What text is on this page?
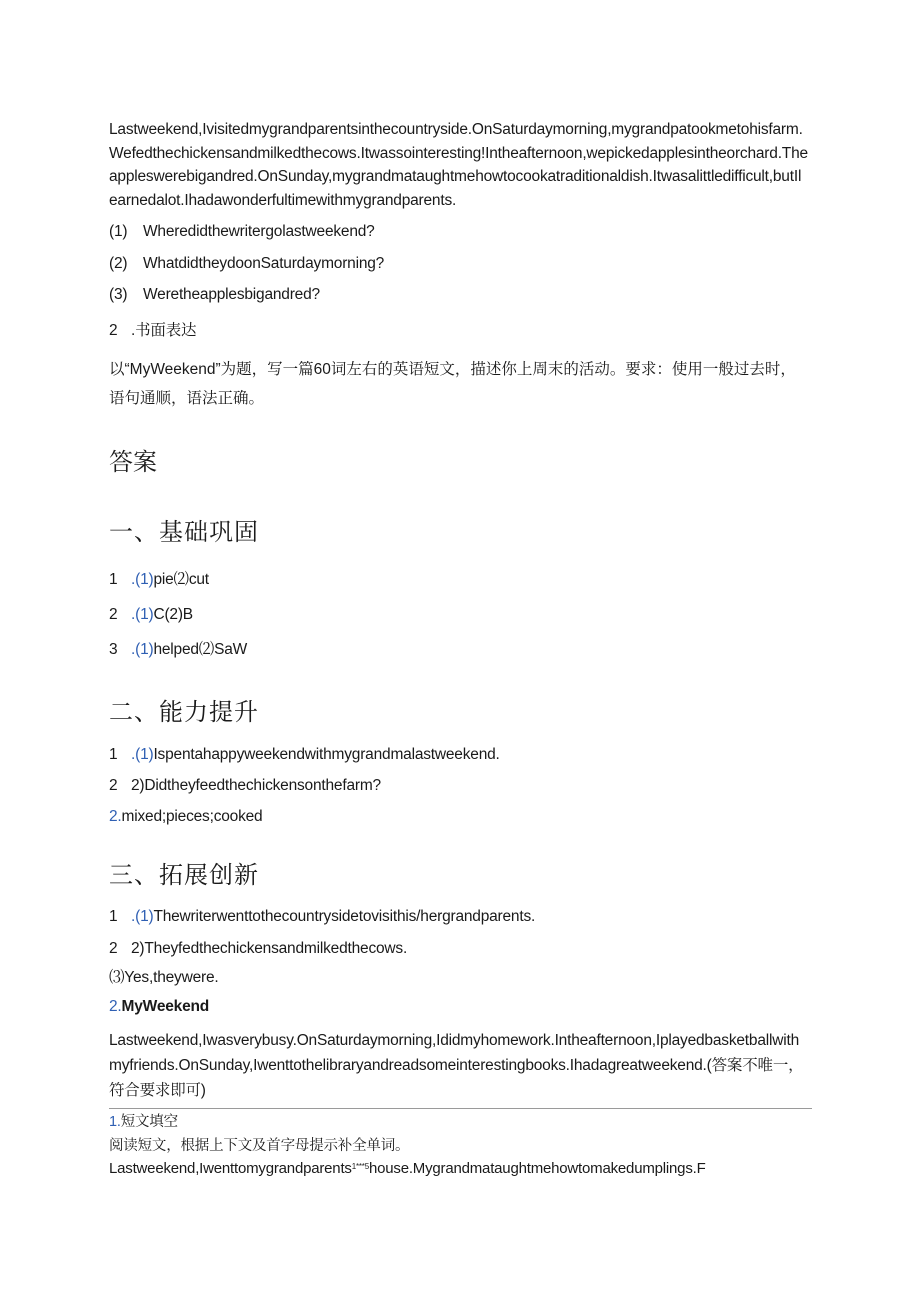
Lastweekend,Ivisitedmygrandparentsinthecountryside.OnSaturdaymorning,mygrandpatookmetohisfarm.Wefedthechickensandmilkedthecows.Itwassointeresting!Intheafternoon,wepickedapplesintheorchard.Theappleswerebigandred.OnSunday,mygrandmataughtmehowtocookatraditionaldish.Itwasalittledifficult,butIlearnedalot.Ihadawonderfultimewithmygrandparents.
(1) Wheredidthewritergolastweekend?
(2) WhatdidtheydoonSaturdaymorning?
(3) Weretheapplesbigandred?
2 .书面表达
以“MyWeekend”为题，写一篇60词左右的英语短文，描述你上周末的活动。要求：使用一般过去时，语句通顺，语法正确。
答案
一、基础巩固
1 .(1)pie⑵cut
2 .(1)C(2)B
3 .(1)helped⑵SaW
二、能力提升
1 .(1)Ispentahappyweekendwithmygrandmalastweekend.
2 2)Didtheyfeedthechickensonthefarm?
2.mixed;pieces;cooked
三、拓展创新
1 .(1)Thewriterwenttothecountrysidetovisithis/hergrandparents.
2 2)Theyfedthechickensandmilkedthecows.
⑶Yes,theywere.
2.MyWeekend
Lastweekend,Iwasverybusy.OnSaturdaymorning,Ididmyhomework.Intheafternoon,Iplayedbasketballwithmyfriends.OnSunday,Iwenttothelibraryandreadsomeinterestingbooks.Ihadagreatweekend.(答案不唯一，符合要求即可)
1.短文填空
阅读短文，根据上下文及首字母提示补全单词。
Lastweekend,Iwenttomygrandparents$^{1***5}$house.Mygrandmataughtmehowtomakedumplings.F
